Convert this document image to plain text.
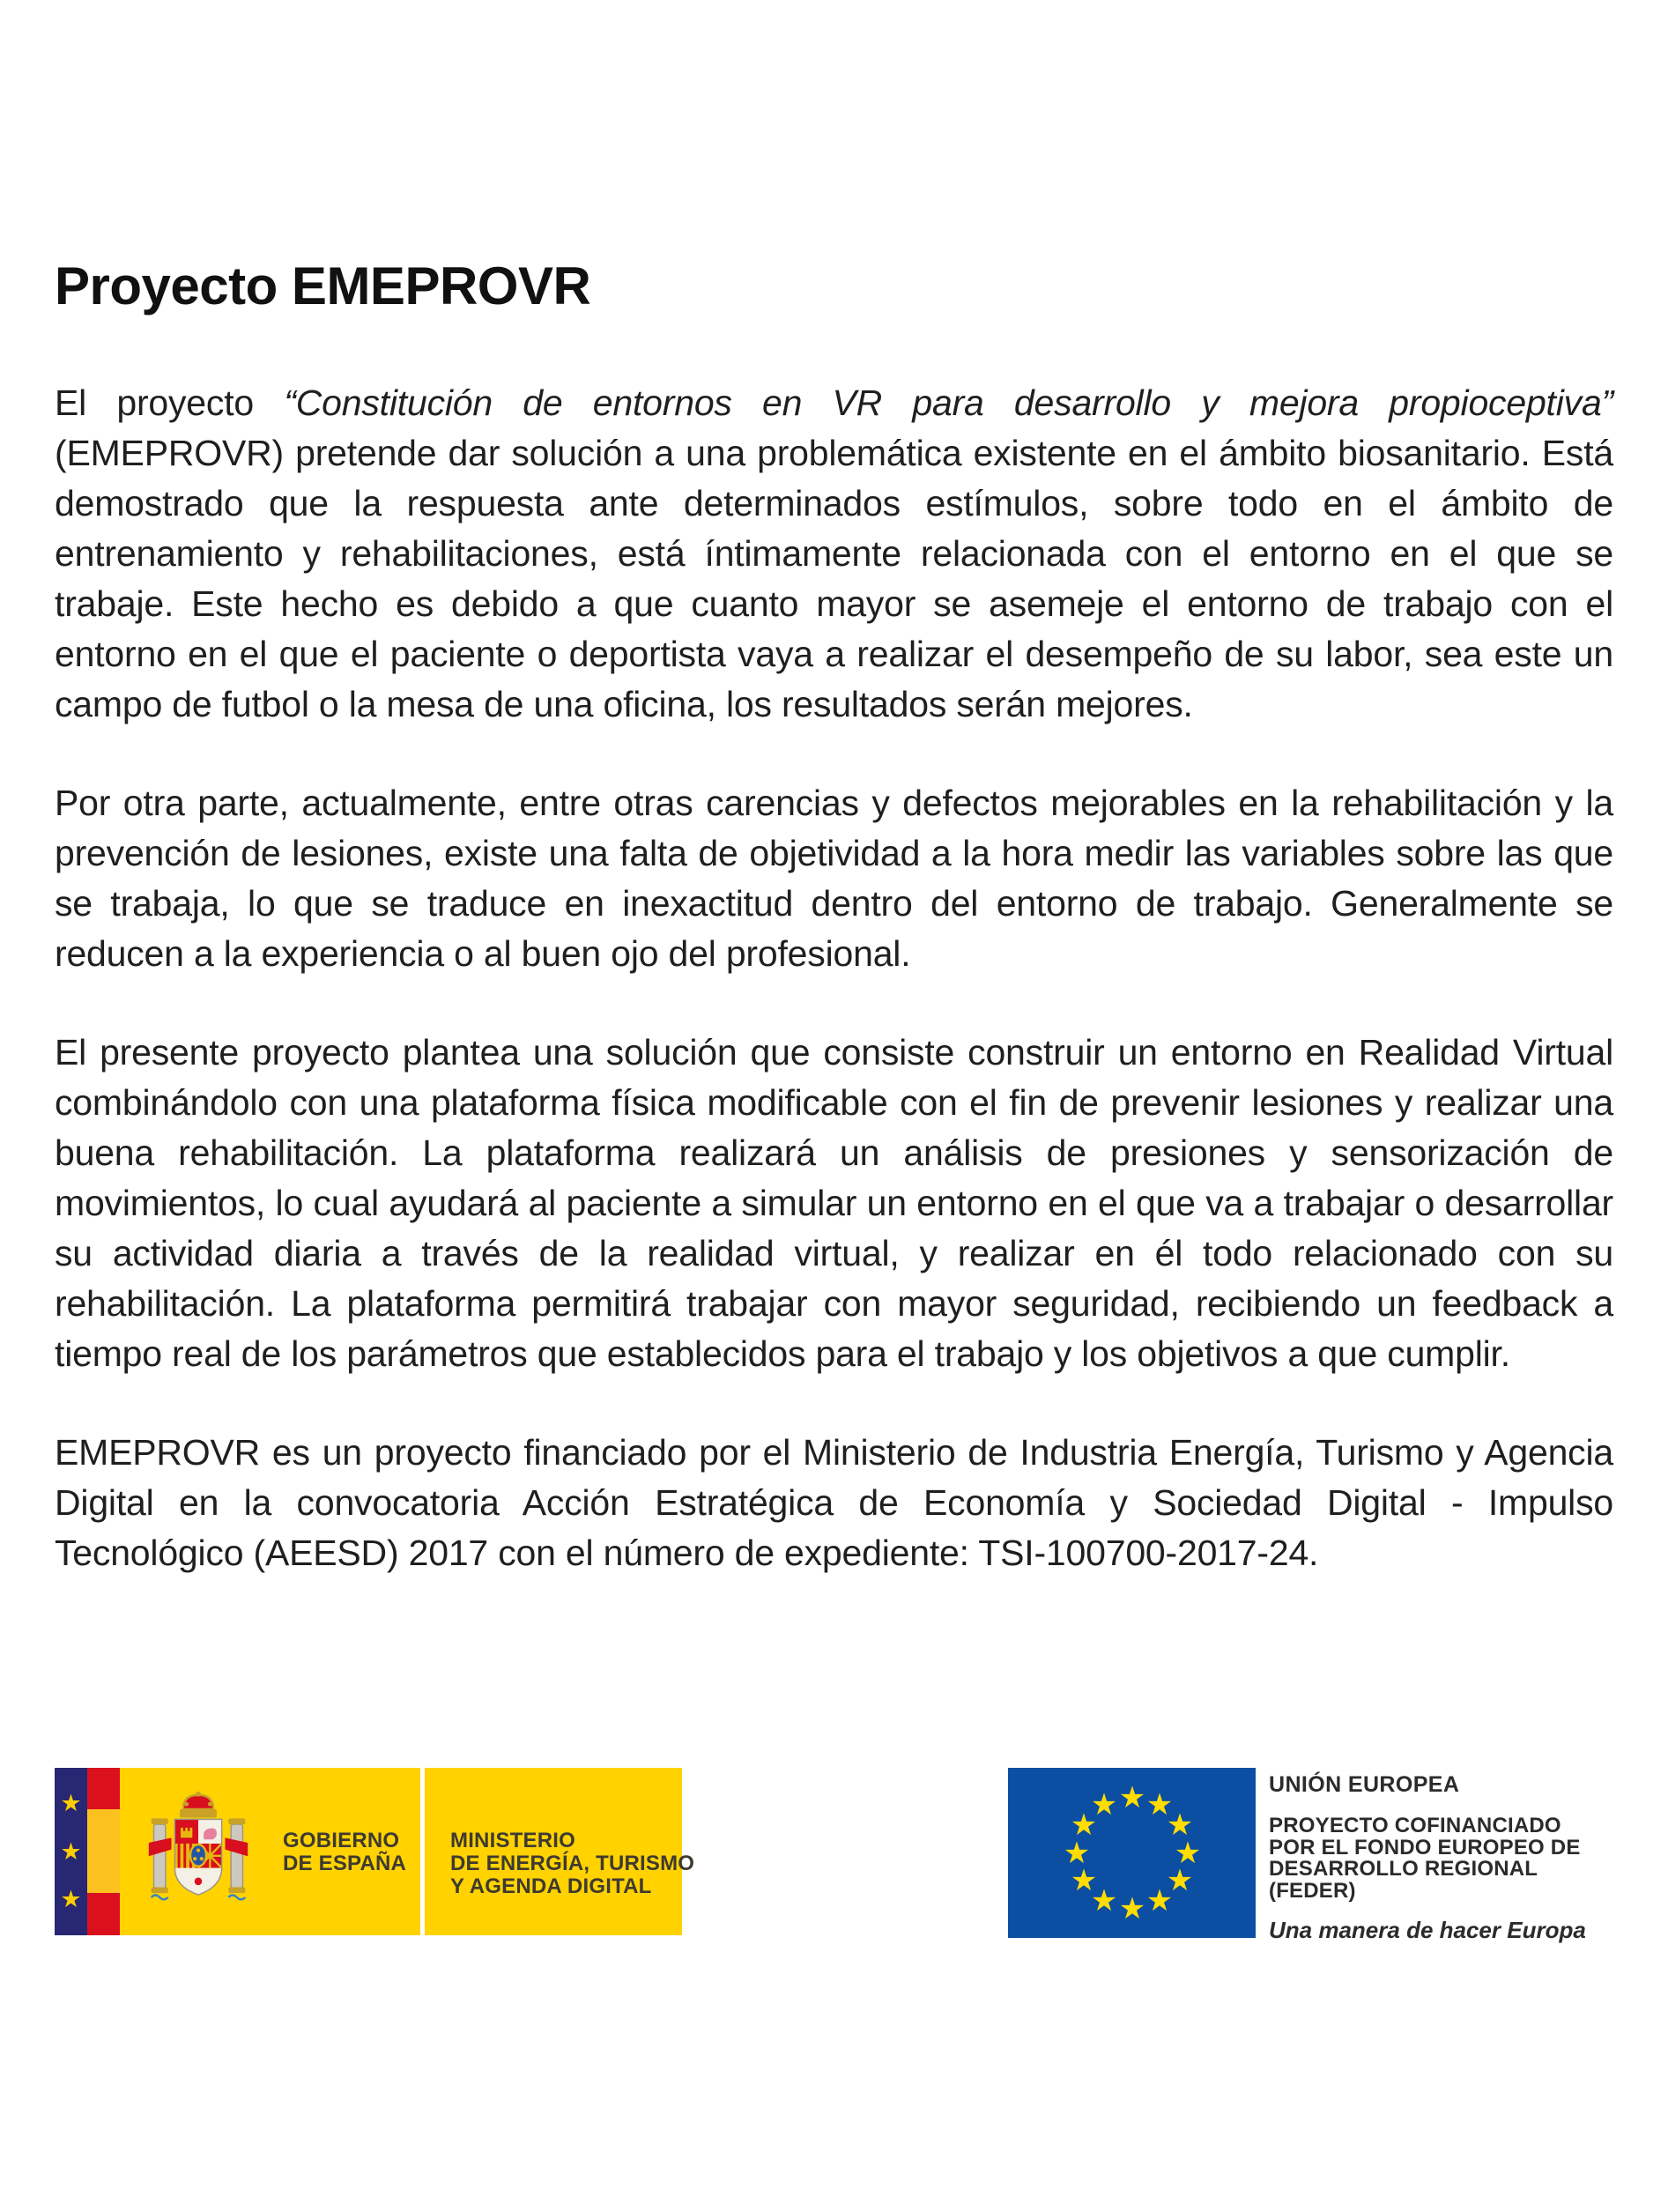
Proyecto EMEPROVR

El proyecto “Constitución de entornos en VR para desarrollo y mejora propioceptiva” (EMEPROVR) pretende dar solución a una problemática existente en el ámbito biosanitario. Está demostrado que la respuesta ante determinados estímulos, sobre todo en el ámbito de entrenamiento y rehabilitaciones, está íntimamente relacionada con el entorno en el que se trabaje. Este hecho es debido a que cuanto mayor se asemeje el entorno de trabajo con el entorno en el que el paciente o deportista vaya a realizar el desempeño de su labor, sea este un campo de futbol o la mesa de una oficina, los resultados serán mejores.

Por otra parte, actualmente, entre otras carencias y defectos mejorables en la rehabilitación y la prevención de lesiones, existe una falta de objetividad a la hora medir las variables sobre las que se trabaja, lo que se traduce en inexactitud dentro del entorno de trabajo. Generalmente se reducen a la experiencia o al buen ojo del profesional.

El presente proyecto plantea una solución que consiste construir un entorno en Realidad Virtual combinándolo con una plataforma física modificable con el fin de prevenir lesiones y realizar una buena rehabilitación. La plataforma realizará un análisis de presiones y sensorización de movimientos, lo cual ayudará al paciente a simular un entorno en el que va a trabajar o desarrollar su actividad diaria a través de la realidad virtual, y realizar en él todo relacionado con su rehabilitación. La plataforma permitirá trabajar con mayor seguridad, recibiendo un feedback a tiempo real de los parámetros que establecidos para el trabajo y los objetivos a que cumplir.

EMEPROVR es un proyecto financiado por el Ministerio de Industria Energía, Turismo y Agencia Digital en la convocatoria Acción Estratégica de Economía y Sociedad Digital - Impulso Tecnológico (AEESD) 2017 con el número de expediente: TSI-100700-2017-24.

★
★
★
GOBIERNO
DE ESPAÑA
MINISTERIO
DE ENERGÍA, TURISMO
Y AGENDA DIGITAL
★ ★
★
★
★
★
★
★
★
★
★
★
UNIÓN EUROPEA
PROYECTO COFINANCIADO
POR EL FONDO EUROPEO DE
DESARROLLO REGIONAL
(FEDER)
Una manera de hacer Europa
